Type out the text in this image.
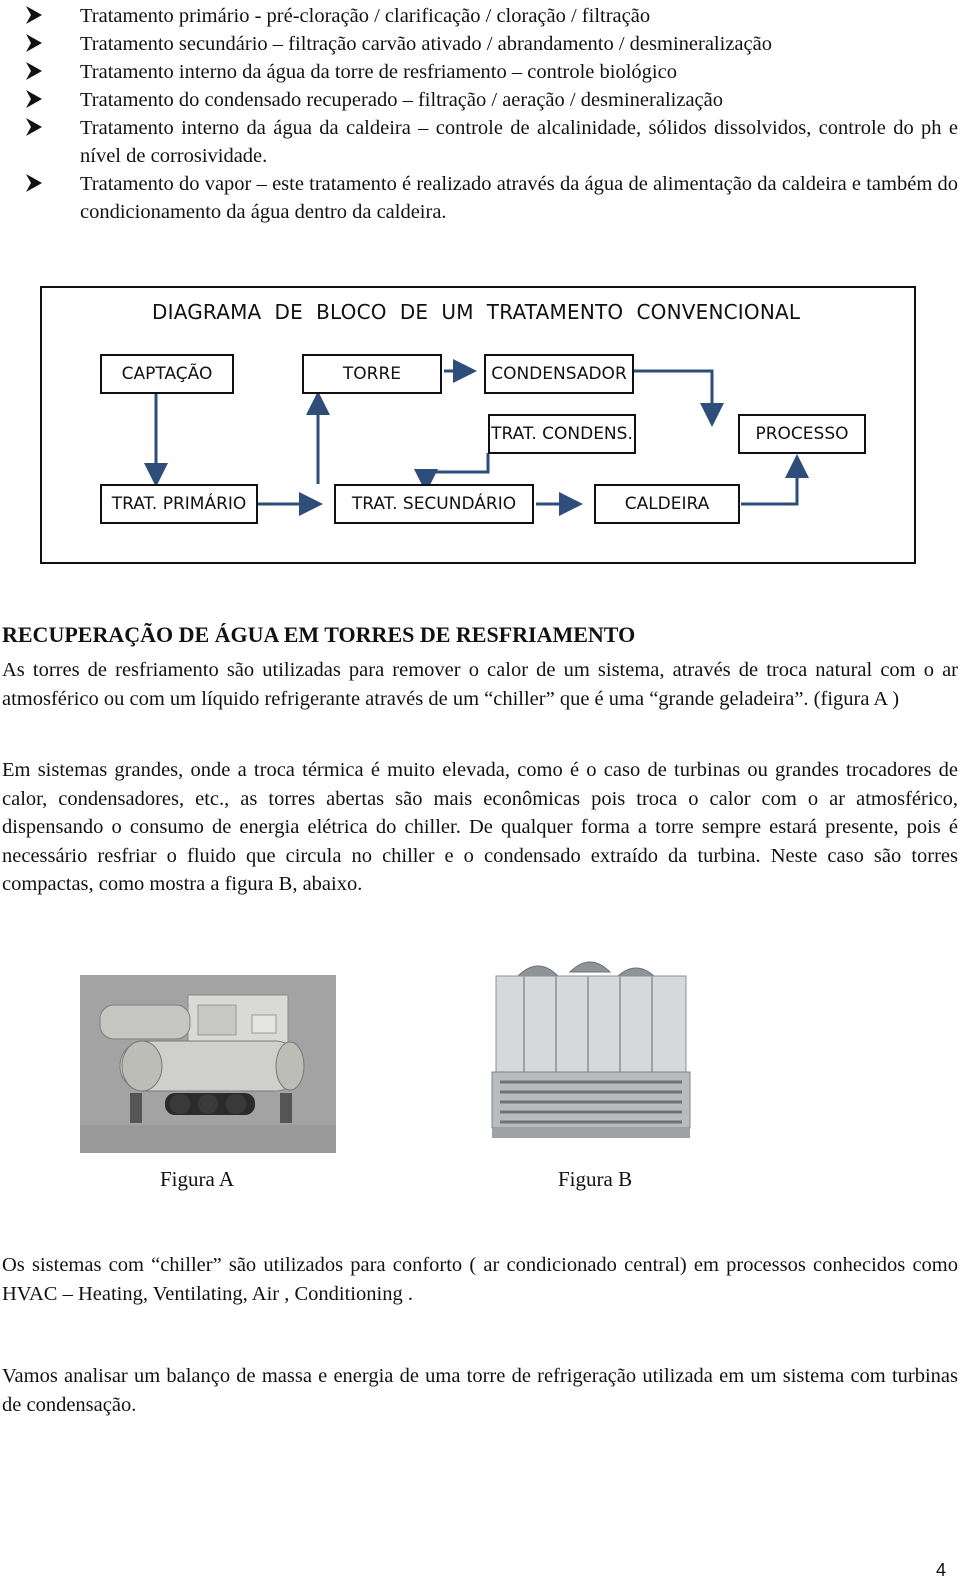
Tratamento primário - pré-cloração / clarificação / cloração / filtração
Tratamento secundário – filtração carvão ativado / abrandamento / desmineralização
Tratamento interno da água da torre de resfriamento – controle biológico
Tratamento do condensado recuperado – filtração / aeração / desmineralização
Tratamento interno da água da caldeira – controle de alcalinidade, sólidos dissolvidos, controle do ph e nível de corrosividade.
Tratamento do vapor – este tratamento é realizado através da água de alimentação da caldeira e também do condicionamento da água dentro da caldeira.
DIAGRAMA  DE  BLOCO  DE  UM  TRATAMENTO  CONVENCIONAL
CAPTAÇÃO	TORRE	CONDENSADOR
TRAT. CONDENS.	PROCESSO
TRAT. PRIMÁRIO	TRAT. SECUNDÁRIO	CALDEIRA
RECUPERAÇÃO DE ÁGUA EM TORRES DE RESFRIAMENTO

As torres de resfriamento são utilizadas para remover o calor de um sistema, através de troca natural com o ar atmosférico ou com um líquido refrigerante através de um “chiller” que é uma “grande geladeira”. (figura A )

Em sistemas grandes, onde a troca térmica é muito elevada, como é o caso de turbinas ou grandes trocadores de calor, condensadores, etc., as torres abertas são mais econômicas pois troca o calor com o ar atmosférico, dispensando o consumo de energia elétrica do chiller. De qualquer forma a torre sempre estará presente, pois é necessário resfriar o fluido que circula no chiller e o condensado extraído da turbina. Neste caso são torres compactas, como mostra a figura B, abaixo.

Figura A	Figura B

Os sistemas com “chiller” são utilizados para conforto ( ar condicionado central) em processos conhecidos como HVAC – Heating, Ventilating, Air , Conditioning .

Vamos analisar um balanço de massa e energia de uma torre de refrigeração utilizada em um sistema com turbinas de condensação.

4
